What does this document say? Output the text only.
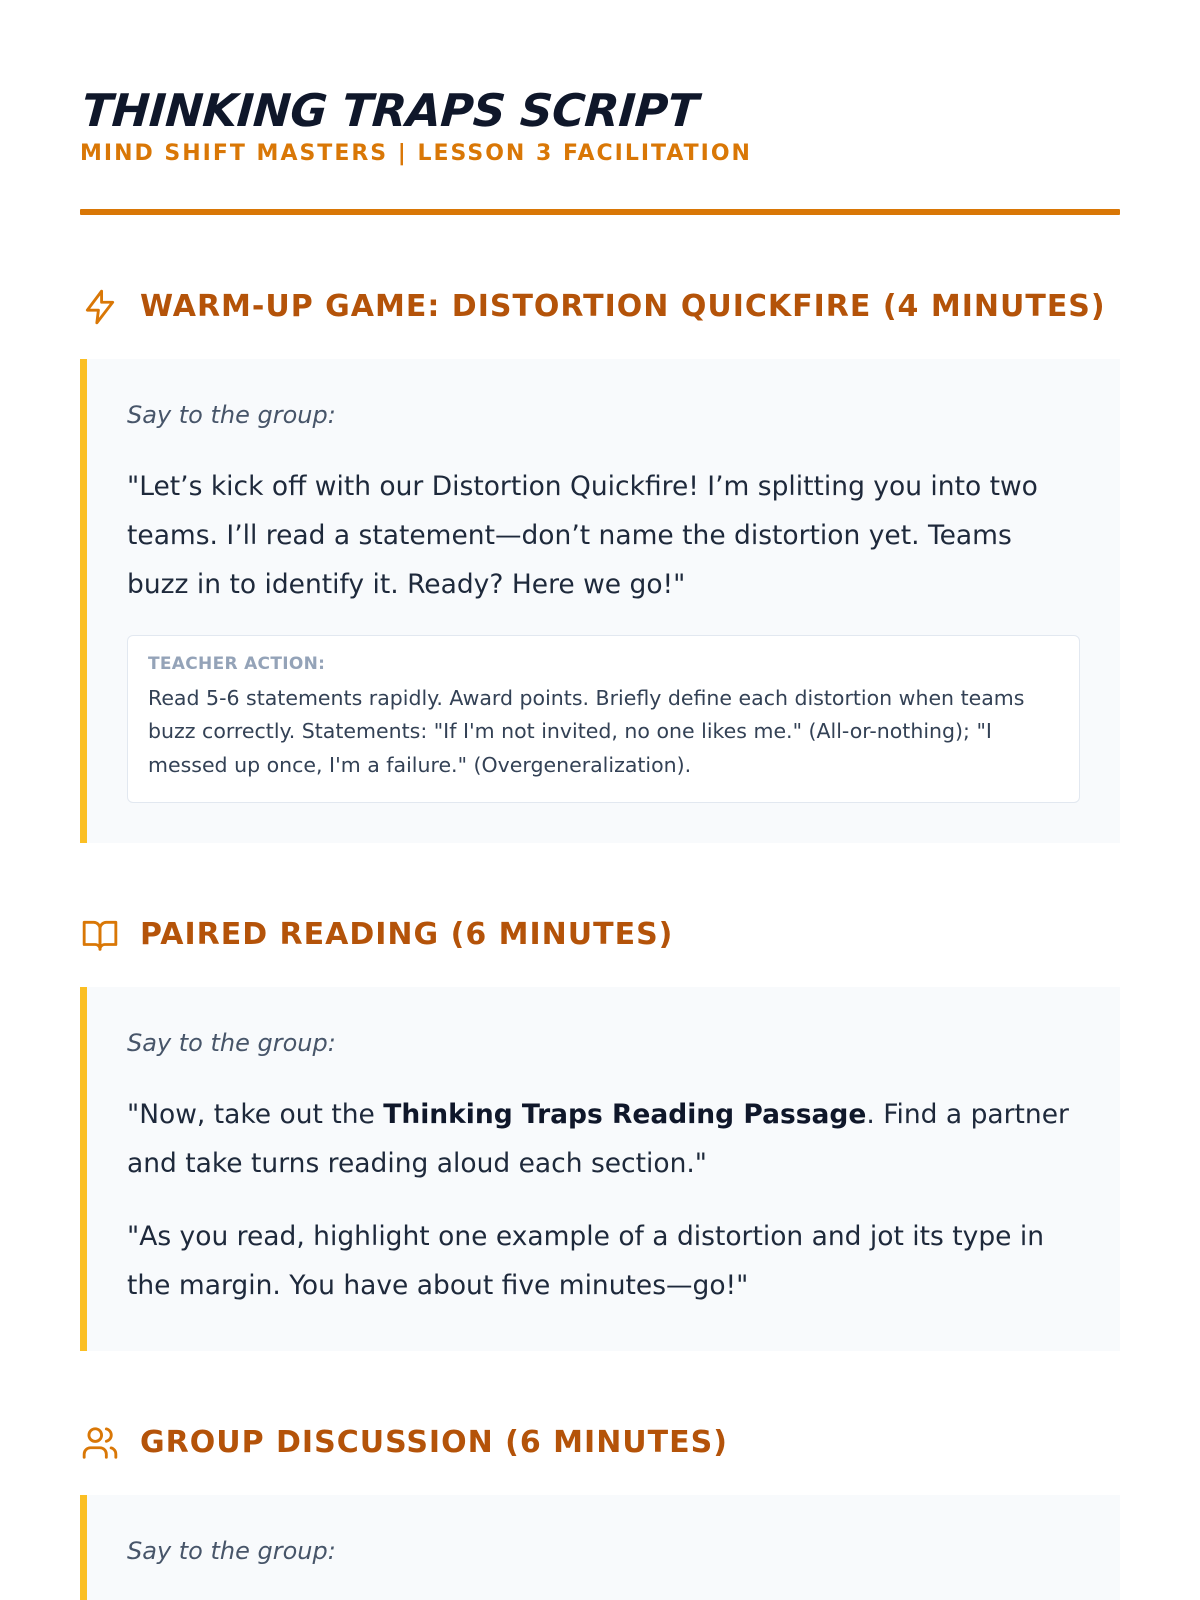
THINKING TRAPS SCRIPT
MIND SHIFT MASTERS | LESSON 3 FACILITATION
WARM-UP GAME: DISTORTION QUICKFIRE (4 MINUTES)
Say to the group:

"Let’s kick off with our Distortion Quickfire! I’m splitting you into two teams. I’ll read a statement—don’t name the distortion yet. Teams buzz in to identify it. Ready? Here we go!"

TEACHER ACTION:
Read 5-6 statements rapidly. Award points. Briefly define each distortion when teams buzz correctly. Statements: "If I'm not invited, no one likes me." (All-or-nothing); "I messed up once, I'm a failure." (Overgeneralization).
PAIRED READING (6 MINUTES)
Say to the group:

"Now, take out the Thinking Traps Reading Passage. Find a partner and take turns reading aloud each section."

"As you read, highlight one example of a distortion and jot its type in the margin. You have about five minutes—go!"

GROUP DISCUSSION (6 MINUTES)
Say to the group:
